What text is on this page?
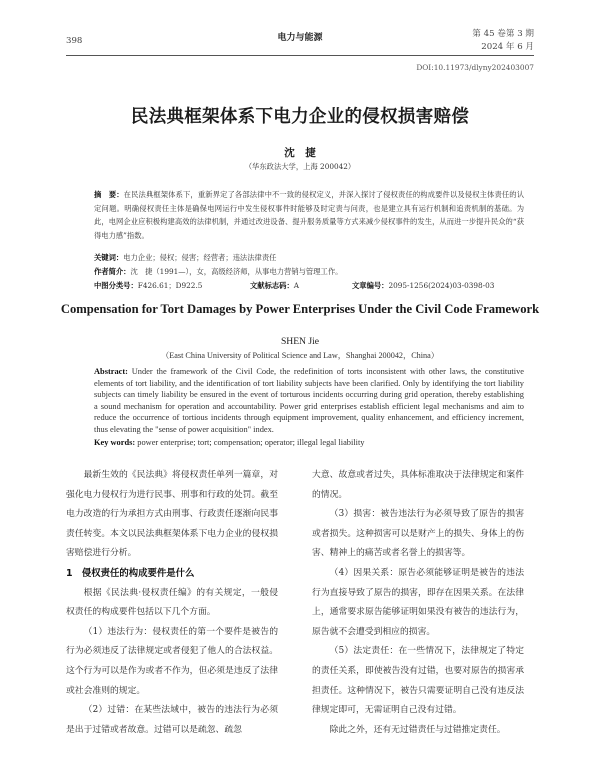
398	电力与能源	第 45 卷第 3 期
2024 年 6 月
DOI:10.11973/dlyny202403007
民法典框架体系下电力企业的侵权损害赔偿
沈　捷
（华东政法大学，上海 200042）
摘　要：在民法典框架体系下，重新界定了各部法律中不一致的侵权定义，并深入探讨了侵权责任的构成要件以及侵权主体责任的认定问题。明确侵权责任主体是确保电网运行中发生侵权事件时能够及时定责与问责，也是建立具有运行机制和追责机制的基础。为此，电网企业应积极构建高效的法律机制，并通过改进设备、提升服务质量等方式来减少侵权事件的发生，从而进一步提升民众的“获得电力感”指数。
关键词：电力企业；侵权；侵害；经营者；违法法律责任
作者简介：沈　捷（1991—），女，高级经济师，从事电力营销与管理工作。
中图分类号：F426.61；D922.5	文献标志码：A	文章编号：2095-1256(2024)03-0398-03
Compensation for Tort Damages by Power Enterprises Under the Civil Code Framework
SHEN Jie
（East China University of Political Science and Law，Shanghai 200042，China）
Abstract: Under the framework of the Civil Code, the redefinition of torts inconsistent with other laws, the constitutive elements of tort liability, and the identification of tort liability subjects have been clarified. Only by identifying the tort liability subjects can timely liability be ensured in the event of torturous incidents occurring during grid operation, thereby establishing a sound mechanism for operation and accountability. Power grid enterprises establish efficient legal mechanisms and aim to reduce the occurrence of tortious incidents through equipment improvement, quality enhancement, and efficiency increment, thus elevating the "sense of power acquisition" index.
Key words: power enterprise; tort; compensation; operator; illegal legal liability

最新生效的《民法典》将侵权责任单列一篇章，对强化电力侵权行为进行民事、刑事和行政的处罚。截至电力改造的行为承担方式由刑事、行政责任逐渐向民事责任转变。本文以民法典框架体系下电力企业的侵权损害赔偿进行分析。

1　侵权责任的构成要件是什么

根据《民法典·侵权责任编》的有关规定，一般侵权责任的构成要件包括以下几个方面。

（1）违法行为：侵权责任的第一个要件是被告的行为必须违反了法律规定或者侵犯了他人的合法权益。这个行为可以是作为或者不作为，但必须是违反了法律或社会准则的规定。

（2）过错：在某些法域中，被告的违法行为必须是出于过错或者故意。过错可以是疏忽、疏忽

大意、故意或者过失，具体标准取决于法律规定和案件的情况。

（3）损害：被告违法行为必须导致了原告的损害或者损失。这种损害可以是财产上的损失、身体上的伤害、精神上的痛苦或者名誉上的损害等。

（4）因果关系：原告必须能够证明是被告的违法行为直接导致了原告的损害，即存在因果关系。在法律上，通常要求原告能够证明如果没有被告的违法行为，原告就不会遭受到相应的损害。

（5）法定责任：在一些情况下，法律规定了特定的责任关系，即使被告没有过错，也要对原告的损害承担责任。这种情况下，被告只需要证明自己没有违反法律规定即可，无需证明自己没有过错。

除此之外，还有无过错责任与过错推定责任。
